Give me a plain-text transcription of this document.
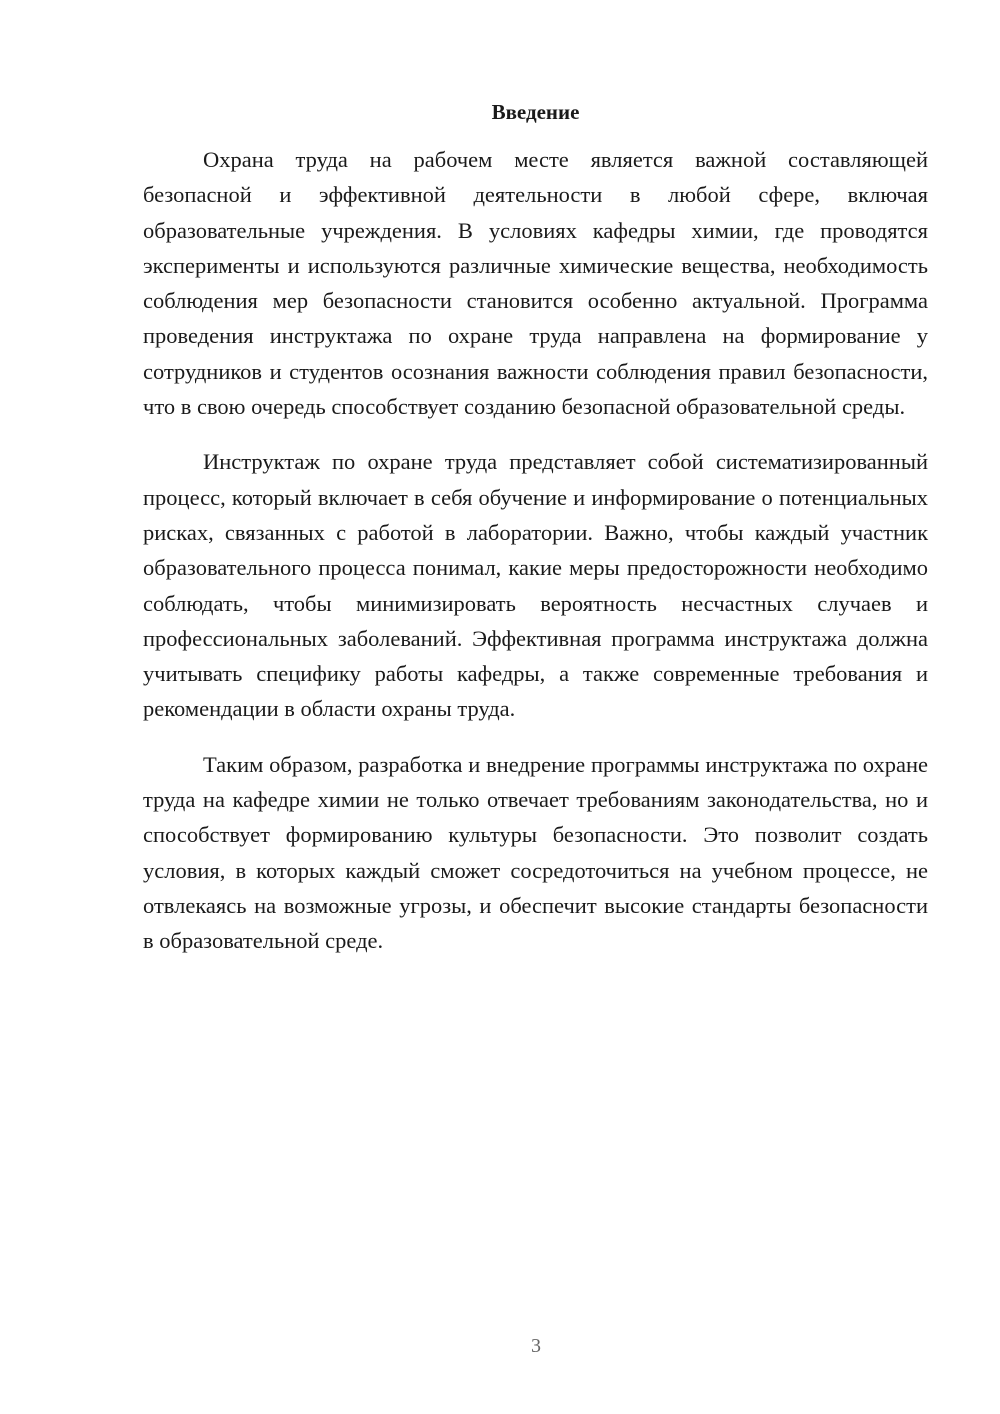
Введение

Охрана труда на рабочем месте является важной составляющей безопасной и эффективной деятельности в любой сфере, включая образовательные учреждения. В условиях кафедры химии, где проводятся эксперименты и используются различные химические вещества, необходимость соблюдения мер безопасности становится особенно актуальной. Программа проведения инструктажа по охране труда направлена на формирование у сотрудников и студентов осознания важности соблюдения правил безопасности, что в свою очередь способствует созданию безопасной образовательной среды.

Инструктаж по охране труда представляет собой систематизированный процесс, который включает в себя обучение и информирование о потенциальных рисках, связанных с работой в лаборатории. Важно, чтобы каждый участник образовательного процесса понимал, какие меры предосторожности необходимо соблюдать, чтобы минимизировать вероятность несчастных случаев и профессиональных заболеваний. Эффективная программа инструктажа должна учитывать специфику работы кафедры, а также современные требования и рекомендации в области охраны труда.

Таким образом, разработка и внедрение программы инструктажа по охране труда на кафедре химии не только отвечает требованиям законодательства, но и способствует формированию культуры безопасности. Это позволит создать условия, в которых каждый сможет сосредоточиться на учебном процессе, не отвлекаясь на возможные угрозы, и обеспечит высокие стандарты безопасности в образовательной среде.

3
